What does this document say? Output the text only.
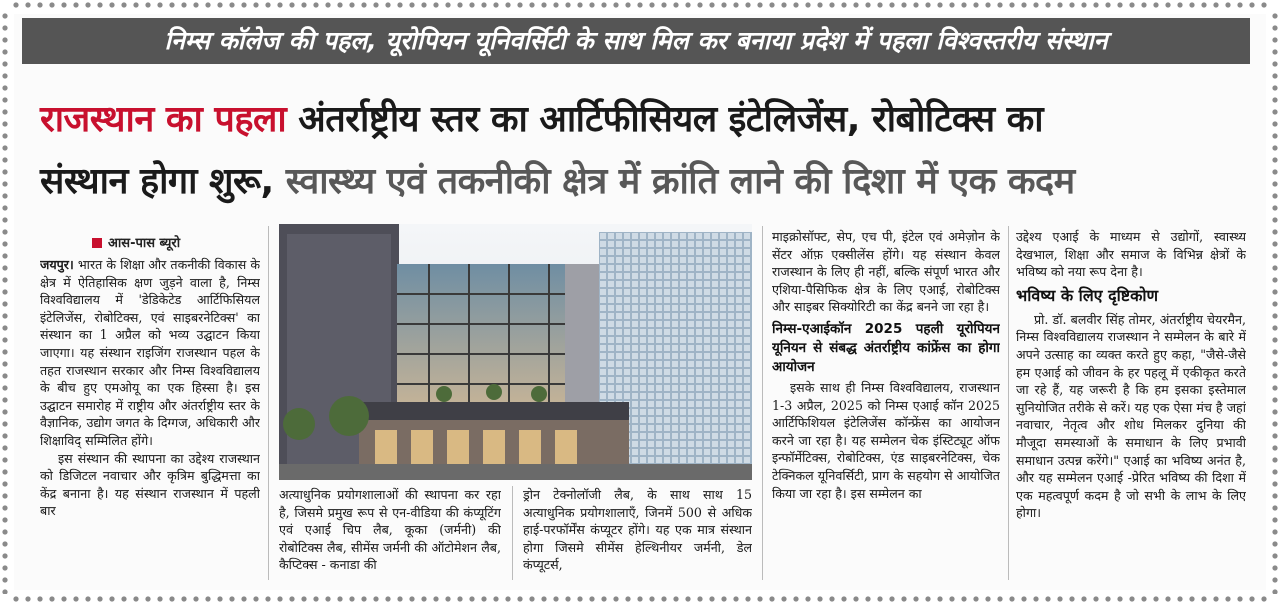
निम्स कॉलेज की पहल, यूरोपियन यूनिवर्सिटी के साथ मिल कर बनाया प्रदेश में पहला विश्वस्तरीय संस्थान
राजस्थान का पहला अंतर्राष्ट्रीय स्तर का आर्टिफीसियल इंटेलिजेंस, रोबोटिक्स का
संस्थान होगा शुरू, स्वास्थ्य एवं तकनीकी क्षेत्र में क्रांति लाने की दिशा में एक कदम
आस-पास ब्यूरो

जयपुर। भारत के शिक्षा और तकनीकी विकास के क्षेत्र में ऐतिहासिक क्षण जुड़ने वाला है, निम्स विश्वविद्यालय में 'डेडिकेटेड आर्टिफिसियल इंटेलिजेंस, रोबोटिक्स, एवं साइबरनेटिक्स' का संस्थान का 1 अप्रैल को भव्य उद्घाटन किया जाएगा। यह संस्थान राइजिंग राजस्थान पहल के तहत राजस्थान सरकार और निम्स विश्वविद्यालय के बीच हुए एमओयू का एक हिस्सा है। इस उद्घाटन समारोह में राष्ट्रीय और अंतर्राष्ट्रीय स्तर के वैज्ञानिक, उद्योग जगत के दिग्गज, अधिकारी और शिक्षाविद् सम्मिलित होंगे।

इस संस्थान की स्थापना का उद्देश्य राजस्थान को डिजिटल नवाचार और कृत्रिम बुद्धिमत्ता का केंद्र बनाना है। यह संस्थान राजस्थान में पहली बार

अत्याधुनिक प्रयोगशालाओं की स्थापना कर रहा है, जिसमे प्रमुख रूप से एन-वीडिया की कंप्यूटिंग एवं एआई चिप लैब, कूका (जर्मनी) की रोबोटिक्स लैब, सीमेंस जर्मनी की ऑटोमेशन लैब, कैप्टिक्स - कनाडा की
ड्रोन टेक्नोलॉजी लैब, के साथ साथ 15 अत्याधुनिक प्रयोगशालाएँ, जिनमें 500 से अधिक हाई-परफॉर्मेंस कंप्यूटर होंगे। यह एक मात्र संस्थान होगा जिसमे सीमेंस हेल्थिनीयर जर्मनी, डेल कंप्यूटर्स,

माइक्रोसॉफ्ट, सेप, एच पी, इंटेल एवं अमेज़ोन के सेंटर ऑफ़ एक्सीलेंस होंगे। यह संस्थान केवल राजस्थान के लिए ही नहीं, बल्कि संपूर्ण भारत और एशिया-पैसिफिक क्षेत्र के लिए एआई, रोबोटिक्स और साइबर सिक्योरिटी का केंद्र बनने जा रहा है।

निम्स-एआईकॉन 2025 पहली यूरोपियन यूनियन से संबद्ध अंतर्राष्ट्रीय कांफ्रेंस का होगा आयोजन

इसके साथ ही निम्स विश्वविद्यालय, राजस्थान 1-3 अप्रैल, 2025 को निम्स एआई कॉन 2025 आर्टिफिशियल इंटेलिजेंस कॉन्फ्रेंस का आयोजन करने जा रहा है। यह सम्मेलन चेक इंस्टिट्यूट ऑफ इन्फॉर्मेटिक्स, रोबोटिक्स, एंड साइबरनेटिक्स, चेक टेक्निकल यूनिवर्सिटी, प्राग के सहयोग से आयोजित किया जा रहा है। इस सम्मेलन का

उद्देश्य एआई के माध्यम से उद्योगों, स्वास्थ्य देखभाल, शिक्षा और समाज के विभिन्न क्षेत्रों के भविष्य को नया रूप देना है।

भविष्य के लिए दृष्टिकोण

प्रो. डॉ. बलवीर सिंह तोमर, अंतर्राष्ट्रीय चेयरमैन, निम्स विश्वविद्यालय राजस्थान ने सम्मेलन के बारे में अपने उत्साह का व्यक्त करते हुए कहा, "जैसे-जैसे हम एआई को जीवन के हर पहलू में एकीकृत करते जा रहे हैं, यह जरूरी है कि हम इसका इस्तेमाल सुनियोजित तरीके से करें। यह एक ऐसा मंच है जहां नवाचार, नेतृत्व और शोध मिलकर दुनिया की मौजूदा समस्याओं के समाधान के लिए प्रभावी समाधान उत्पन्न करेंगे।" एआई का भविष्य अनंत है, और यह सम्मेलन एआई -प्रेरित भविष्य की दिशा में एक महत्वपूर्ण कदम है जो सभी के लाभ के लिए होगा।
